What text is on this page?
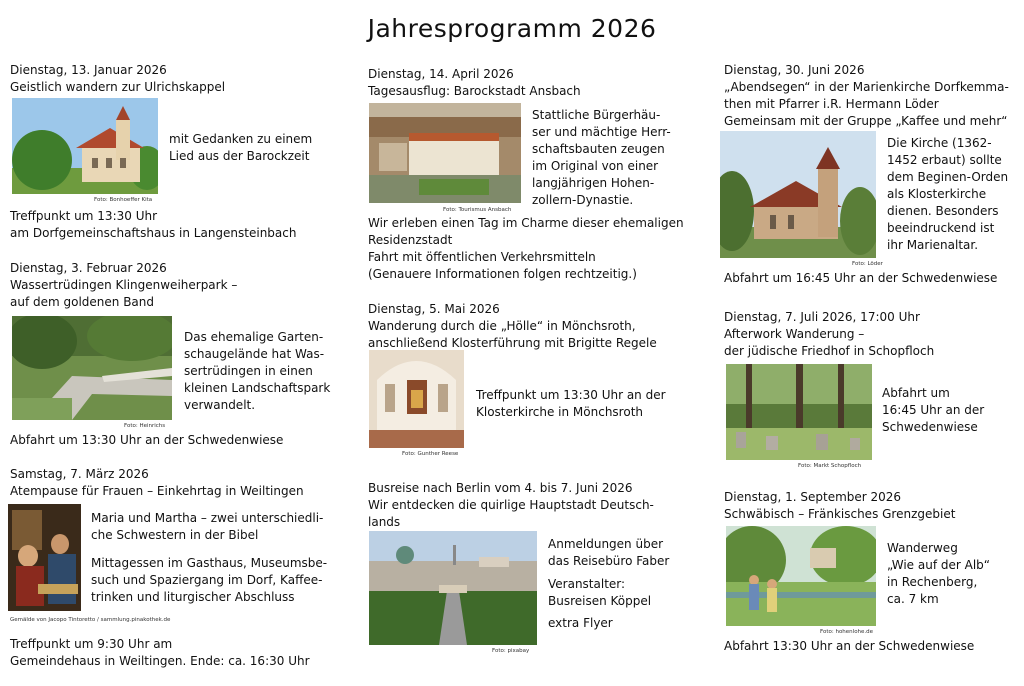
Jahresprogramm 2026
Dienstag, 13. Januar 2026
Geistlich wandern zur Ulrichskappel
Foto: Bonhoeffer Kita
mit Gedanken zu einem
Lied aus der Barockzeit
Treffpunkt um 13:30 Uhr
am Dorfgemeinschaftshaus in Langensteinbach
Dienstag, 3. Februar 2026
Wassertrüdingen Klingenweiherpark –
auf dem goldenen Band
Foto: Heinrichs
Das ehemalige Garten-
schaugelände hat Was-
sertrüdingen in einen
kleinen Landschaftspark
verwandelt.
Abfahrt um 13:30 Uhr an der Schwedenwiese
Samstag, 7. März 2026
Atempause für Frauen – Einkehrtag in Weiltingen
Gemälde von Jacopo Tintoretto / sammlung.pinakothek.de
Maria und Martha – zwei unterschiedli-
che Schwestern in der Bibel
Mittagessen im Gasthaus, Museumsbe-
such und Spaziergang im Dorf, Kaffee-
trinken und liturgischer Abschluss
Treffpunkt um 9:30 Uhr am
Gemeindehaus in Weiltingen. Ende: ca. 16:30 Uhr
Dienstag, 14. April 2026
Tagesausflug: Barockstadt Ansbach
Foto: Tourismus Ansbach
Stattliche Bürgerhäu-
ser und mächtige Herr-
schaftsbauten zeugen
im Original von einer
langjährigen Hohen-
zollern-Dynastie.
Wir erleben einen Tag im Charme dieser ehemaligen
Residenzstadt
Fahrt mit öffentlichen Verkehrsmitteln
(Genauere Informationen folgen rechtzeitig.)
Dienstag, 5. Mai 2026
Wanderung durch die „Hölle“ in Mönchsroth,
anschließend Klosterführung mit Brigitte Regele
Foto: Gunther Reese
Treffpunkt um 13:30 Uhr an der
Klosterkirche in Mönchsroth
Busreise nach Berlin vom 4. bis 7. Juni 2026
Wir entdecken die quirlige Hauptstadt Deutsch-
lands
Foto: pixabay
Anmeldungen über
das Reisebüro Faber
Veranstalter:
Busreisen Köppel
extra Flyer
Dienstag, 30. Juni 2026
„Abendsegen“ in der Marienkirche Dorfkemma-
then mit Pfarrer i.R. Hermann Löder
Gemeinsam mit der Gruppe „Kaffee und mehr“
Foto: Löder
Die Kirche (1362-
1452 erbaut) sollte
dem Beginen-Orden
als Klosterkirche
dienen. Besonders
beeindruckend ist
ihr Marienaltar.
Abfahrt um 16:45 Uhr an der Schwedenwiese
Dienstag, 7. Juli 2026, 17:00 Uhr
Afterwork Wanderung –
der jüdische Friedhof in Schopfloch
Foto: Markt Schopfloch
Abfahrt um
16:45 Uhr an der
Schwedenwiese
Dienstag, 1. September 2026
Schwäbisch – Fränkisches Grenzgebiet
Foto: hohenlohe.de
Wanderweg
„Wie auf der Alb“
in Rechenberg,
ca. 7 km
Abfahrt 13:30 Uhr an der Schwedenwiese
